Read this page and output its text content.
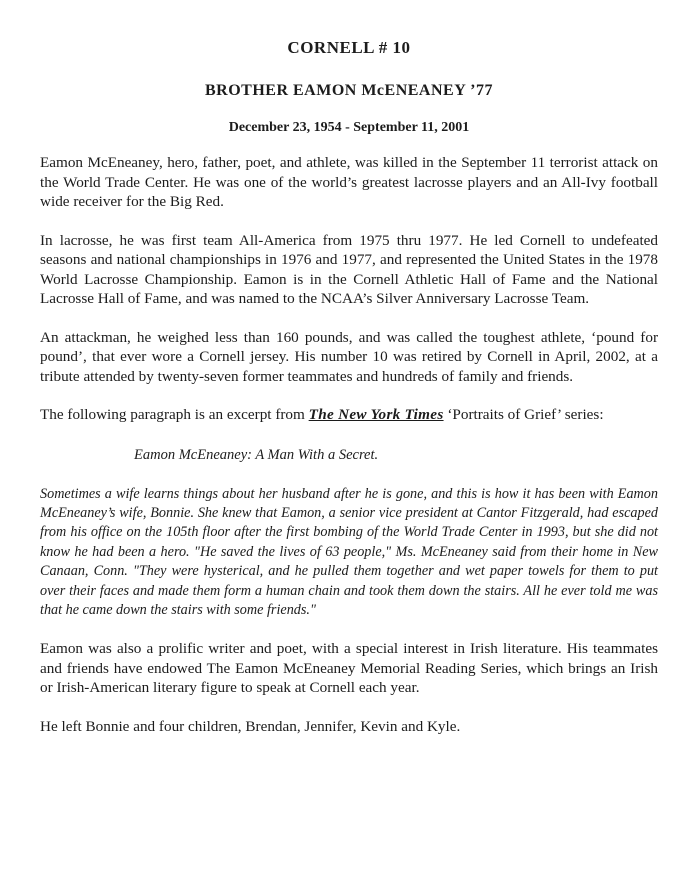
CORNELL # 10
BROTHER EAMON McENEANEY ’77
December 23, 1954 - September 11, 2001

Eamon McEneaney, hero, father, poet, and athlete, was killed in the September 11 terrorist attack on the World Trade Center. He was one of the world’s greatest lacrosse players and an All-Ivy football wide receiver for the Big Red.

In lacrosse, he was first team All-America from 1975 thru 1977. He led Cornell to undefeated seasons and national championships in 1976 and 1977, and represented the United States in the 1978 World Lacrosse Championship. Eamon is in the Cornell Athletic Hall of Fame and the National Lacrosse Hall of Fame, and was named to the NCAA’s Silver Anniversary Lacrosse Team.

An attackman, he weighed less than 160 pounds, and was called the toughest athlete, ‘pound for pound’, that ever wore a Cornell jersey. His number 10 was retired by Cornell in April, 2002, at a tribute attended by twenty-seven former teammates and hundreds of family and friends.

The following paragraph is an excerpt from The New York Times ‘Portraits of Grief’ series:

Eamon McEneaney: A Man With a Secret.

Sometimes a wife learns things about her husband after he is gone, and this is how it has been with Eamon McEneaney’s wife, Bonnie. She knew that Eamon, a senior vice president at Cantor Fitzgerald, had escaped from his office on the 105th floor after the first bombing of the World Trade Center in 1993, but she did not know he had been a hero. "He saved the lives of 63 people," Ms. McEneaney said from their home in New Canaan, Conn. "They were hysterical, and he pulled them together and wet paper towels for them to put over their faces and made them form a human chain and took them down the stairs. All he ever told me was that he came down the stairs with some friends."

Eamon was also a prolific writer and poet, with a special interest in Irish literature. His teammates and friends have endowed The Eamon McEneaney Memorial Reading Series, which brings an Irish or Irish-American literary figure to speak at Cornell each year.

He left Bonnie and four children, Brendan, Jennifer, Kevin and Kyle.
